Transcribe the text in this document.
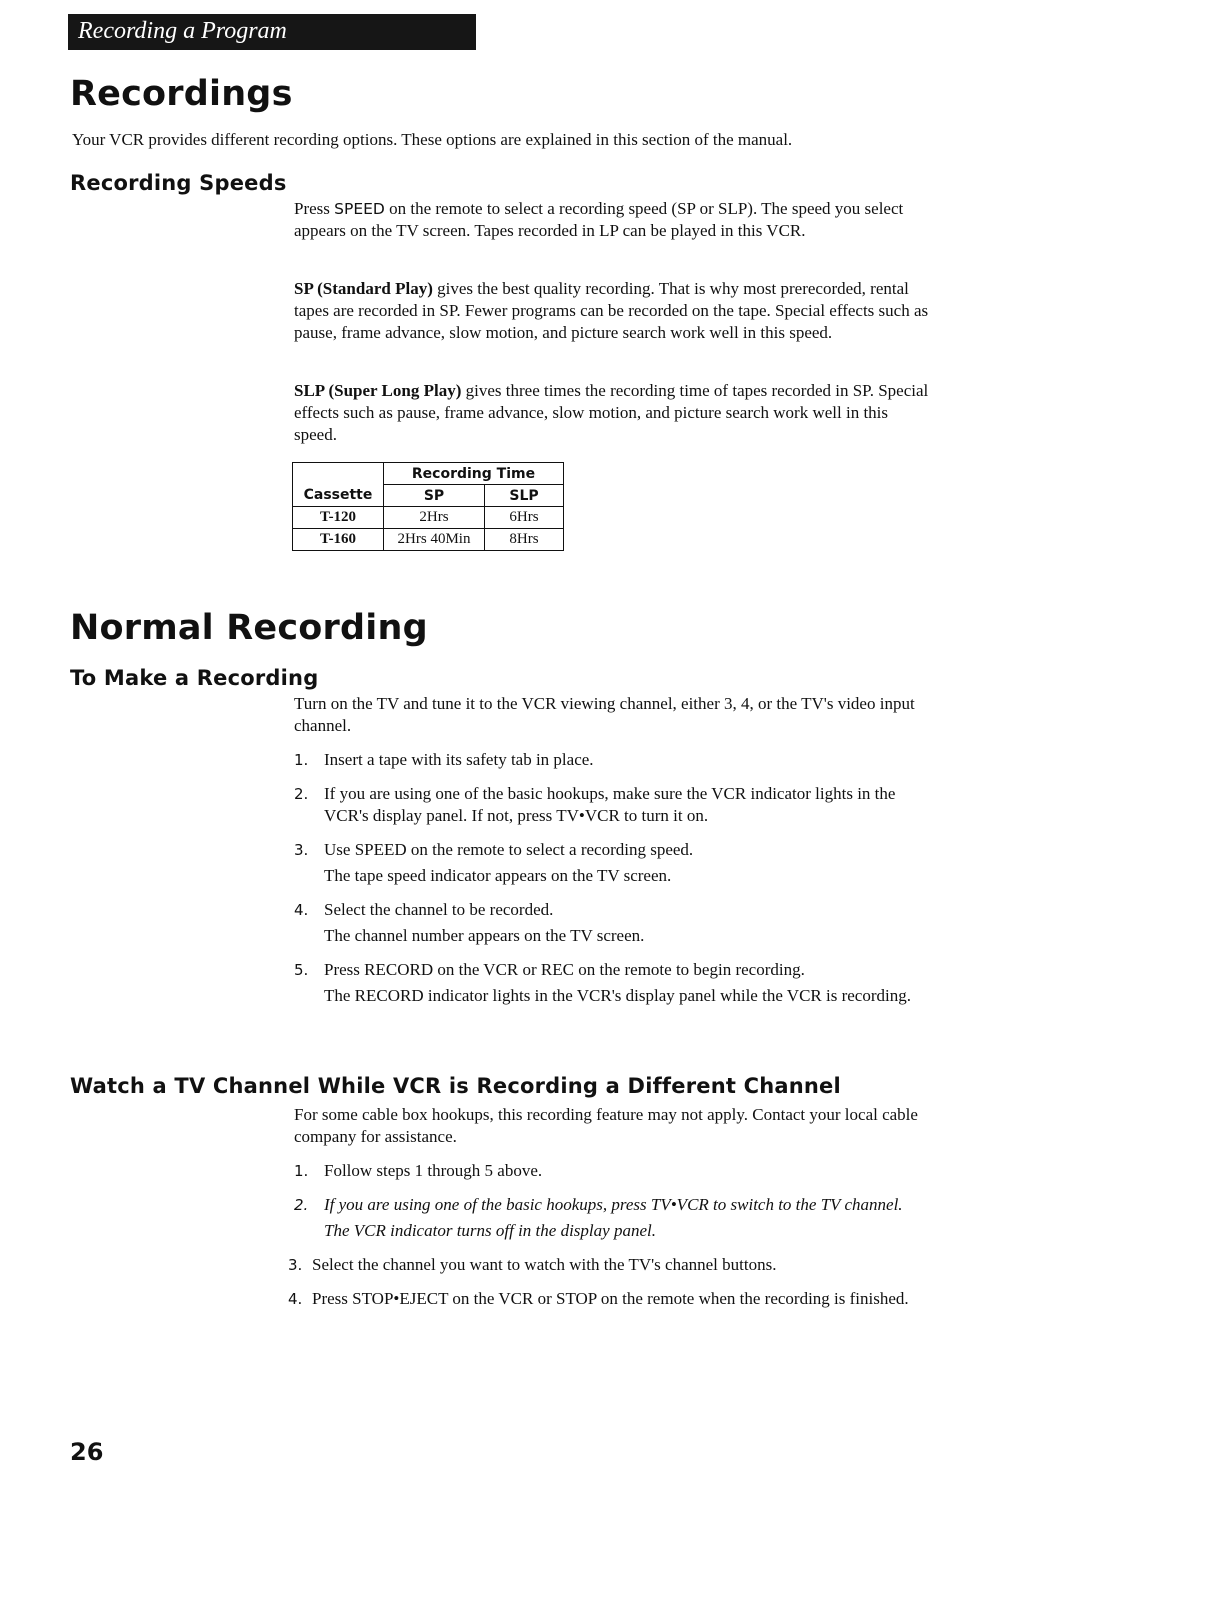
Recording a Program
Recordings

Your VCR provides different recording options. These options are explained in this section of the manual.

Recording Speeds

Press SPEED on the remote to select a recording speed (SP or SLP). The speed you select appears on the TV screen. Tapes recorded in LP can be played in this VCR.

SP (Standard Play) gives the best quality recording. That is why most prerecorded, rental tapes are recorded in SP. Fewer programs can be recorded on the tape. Special effects such as pause, frame advance, slow motion, and picture search work well in this speed.

SLP (Super Long Play) gives three times the recording time of tapes recorded in SP. Special effects such as pause, frame advance, slow motion, and picture search work well in this speed.

	Recording Time	
Cassette	SP	SLP
T-120	2Hrs	6Hrs
T-160	2Hrs 40Min	8Hrs
Normal Recording
To Make a Recording

Turn on the TV and tune it to the VCR viewing channel, either 3, 4, or the TV's video input channel.

1. Insert a tape with its safety tab in place.
2. If you are using one of the basic hookups, make sure the VCR indicator lights in the VCR's display panel. If not, press TV•VCR to turn it on.
3. Use SPEED on the remote to select a recording speed.
The tape speed indicator appears on the TV screen.
4. Select the channel to be recorded.
The channel number appears on the TV screen.
5. Press RECORD on the VCR or REC on the remote to begin recording.
The RECORD indicator lights in the VCR's display panel while the VCR is recording.
Watch a TV Channel While VCR is Recording a Different Channel

For some cable box hookups, this recording feature may not apply. Contact your local cable company for assistance.

1. Follow steps 1 through 5 above.
2. If you are using one of the basic hookups, press TV•VCR to switch to the TV channel.
The VCR indicator turns off in the display panel.
3. Select the channel you want to watch with the TV's channel buttons.
4. Press STOP•EJECT on the VCR or STOP on the remote when the recording is finished.
26
